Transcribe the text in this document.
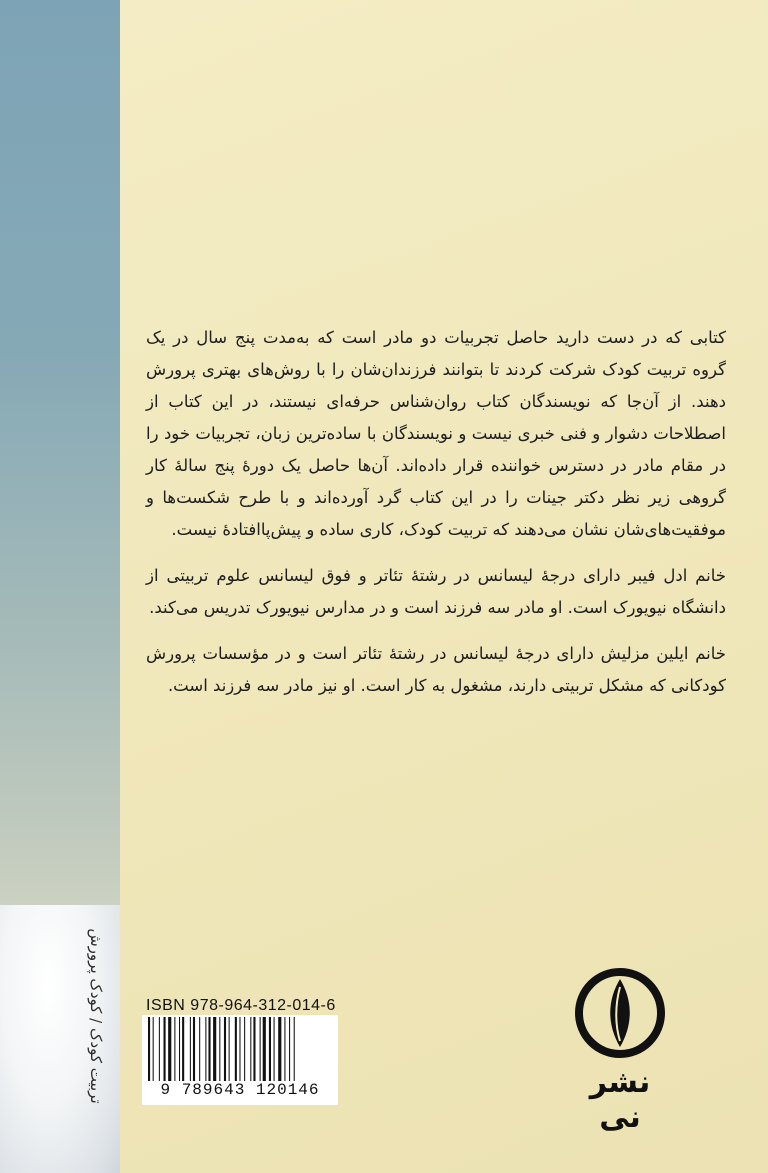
تربیت کودک / کودک‌ پرورش

کتابی که در دست دارید حاصل تجربیات دو مادر است که به‌مدت پنج سال در یک گروه تربیت کودک شرکت کردند تا بتوانند فرزندان‌شان را با روش‌های بهتری پرورش دهند. از آن‌جا که نویسندگان کتاب روان‌شناس حرفه‌ای نیستند، در این کتاب از اصطلاحات دشوار و فنی خبری نیست و نویسندگان با ساده‌ترین زبان، تجربیات خود را در مقام مادر در دسترس خواننده قرار داده‌اند. آن‌ها حاصل یک دورهٔ پنج سالهٔ کار گروهی زیر نظر دکتر جینات را در این کتاب گرد آورده‌اند و با طرح شکست‌ها و موفقیت‌های‌شان نشان می‌دهند که تربیت کودک، کاری ساده و پیش‌پاافتادهٔ نیست.

خانم ادل فیبر دارای درجهٔ لیسانس در رشتهٔ تئاتر و فوق لیسانس علوم تربیتی از دانشگاه نیویورک است. او مادر سه فرزند است و در مدارس نیویورک تدریس می‌کند.

خانم ایلین مزلیش دارای درجهٔ لیسانس در رشتهٔ تئاتر است و در مؤسسات پرورش کودکانی که مشکل تربیتی دارند، مشغول به کار است. او نیز مادر سه فرزند است.

نشر نی
ISBN 978-964-312-014-6
9 789643 120146
